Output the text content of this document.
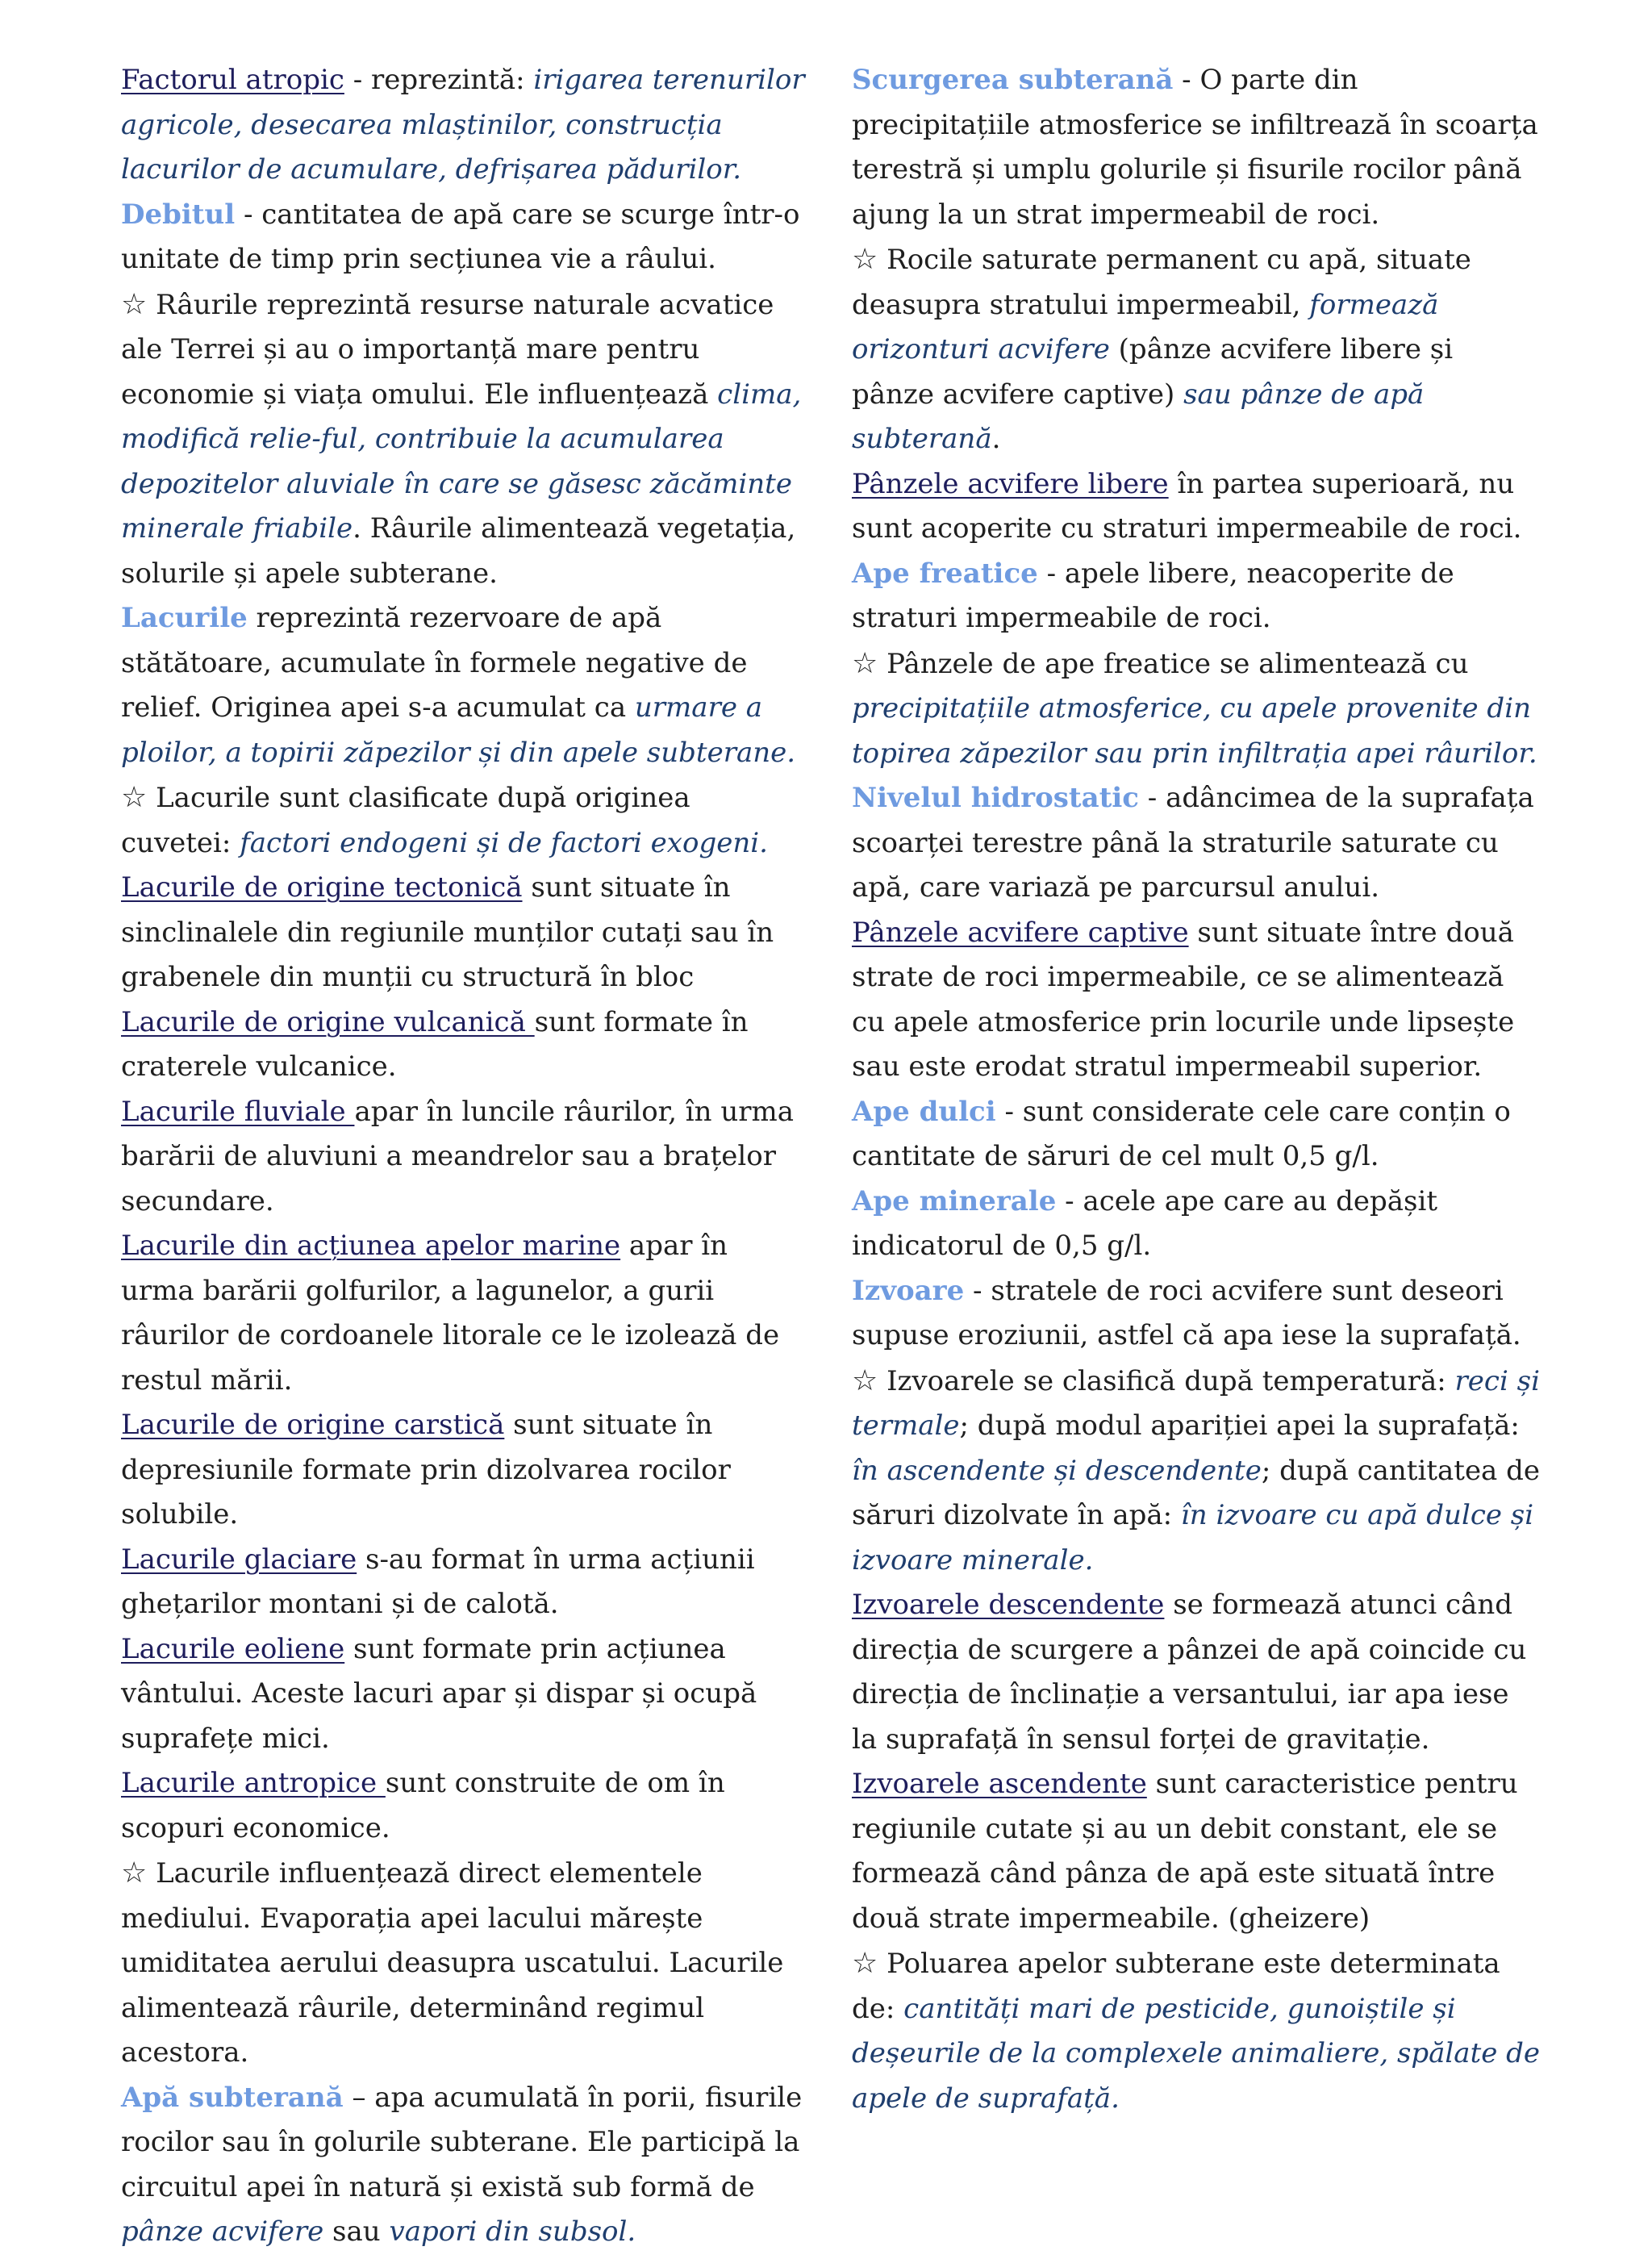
Factorul atropic - reprezintă: irigarea terenurilor agricole, desecarea mlaștinilor, construcția lacurilor de acumulare, defrișarea pădurilor.

Debitul - cantitatea de apă care se scurge într-o unitate de timp prin secțiunea vie a râului.

☆ Râurile reprezintă resurse naturale acvatice ale Terrei și au o importanță mare pentru economie și viața omului. Ele influențează clima, modifică relie-ful, contribuie la acumularea depozitelor aluviale în care se găsesc zăcăminte minerale friabile. Râurile alimentează vegetația, solurile și apele subterane.

Lacurile reprezintă rezervoare de apă stătătoare, acumulate în formele negative de relief. Originea apei s-a acumulat ca urmare a ploilor, a topirii zăpezilor și din apele subterane.

☆ Lacurile sunt clasificate după originea cuvetei: factori endogeni și de factori exogeni.

Lacurile de origine tectonică sunt situate în sinclinalele din regiunile munților cutați sau în grabenele din munții cu structură în bloc

Lacurile de origine vulcanică sunt formate în craterele vulcanice.

Lacurile fluviale apar în luncile râurilor, în urma barării de aluviuni a meandrelor sau a brațelor secundare.

Lacurile din acțiunea apelor marine apar în urma barării golfurilor, a lagunelor, a gurii râurilor de cordoanele litorale ce le izolează de restul mării.

Lacurile de origine carstică sunt situate în depresiunile formate prin dizolvarea rocilor solubile.

Lacurile glaciare s-au format în urma acțiunii ghețarilor montani și de calotă.

Lacurile eoliene sunt formate prin acțiunea vântului. Aceste lacuri apar și dispar și ocupă suprafețe mici.

Lacurile antropice sunt construite de om în scopuri economice.

☆ Lacurile influențează direct elementele mediului. Evaporația apei lacului mărește umiditatea aerului deasupra uscatului. Lacurile alimentează râurile, determinând regimul acestora.

Apă subterană – apa acumulată în porii, fisurile rocilor sau în golurile subterane. Ele participă la circuitul apei în natură și există sub formă de pânze acvifere sau vapori din subsol.

Scurgerea subterană - O parte din precipitațiile atmosferice se infiltrează în scoarța terestră și umplu golurile și fisurile rocilor până ajung la un strat impermeabil de roci.

☆ Rocile saturate permanent cu apă, situate deasupra stratului impermeabil, formează orizonturi acvifere (pânze acvifere libere și pânze acvifere captive) sau pânze de apă subterană.

Pânzele acvifere libere în partea superioară, nu sunt acoperite cu straturi impermeabile de roci.

Ape freatice - apele libere, neacoperite de straturi impermeabile de roci.

☆ Pânzele de ape freatice se alimentează cu precipitațiile atmosferice, cu apele provenite din topirea zăpezilor sau prin infiltrația apei râurilor.

Nivelul hidrostatic - adâncimea de la suprafața scoarței terestre până la straturile saturate cu apă, care variază pe parcursul anului.

Pânzele acvifere captive sunt situate între două strate de roci impermeabile, ce se alimentează cu apele atmosferice prin locurile unde lipsește sau este erodat stratul impermeabil superior.

Ape dulci - sunt considerate cele care conțin o cantitate de săruri de cel mult 0,5 g/l.

Ape minerale - acele ape care au depășit indicatorul de 0,5 g/l.

Izvoare - stratele de roci acvifere sunt deseori supuse eroziunii, astfel că apa iese la suprafață.

☆ Izvoarele se clasifică după temperatură: reci și termale; după modul apariției apei la suprafață: în ascendente și descendente; după cantitatea de săruri dizolvate în apă: în izvoare cu apă dulce și izvoare minerale.

Izvoarele descendente se formează atunci când direcția de scurgere a pânzei de apă coincide cu direcția de înclinație a versantului, iar apa iese la suprafață în sensul forței de gravitație.

Izvoarele ascendente sunt caracteristice pentru regiunile cutate și au un debit constant, ele se formează când pânza de apă este situată între două strate impermeabile. (gheizere)

☆ Poluarea apelor subterane este determinata de: cantități mari de pesticide, gunoiștile și deșeurile de la complexele animaliere, spălate de apele de suprafață.
